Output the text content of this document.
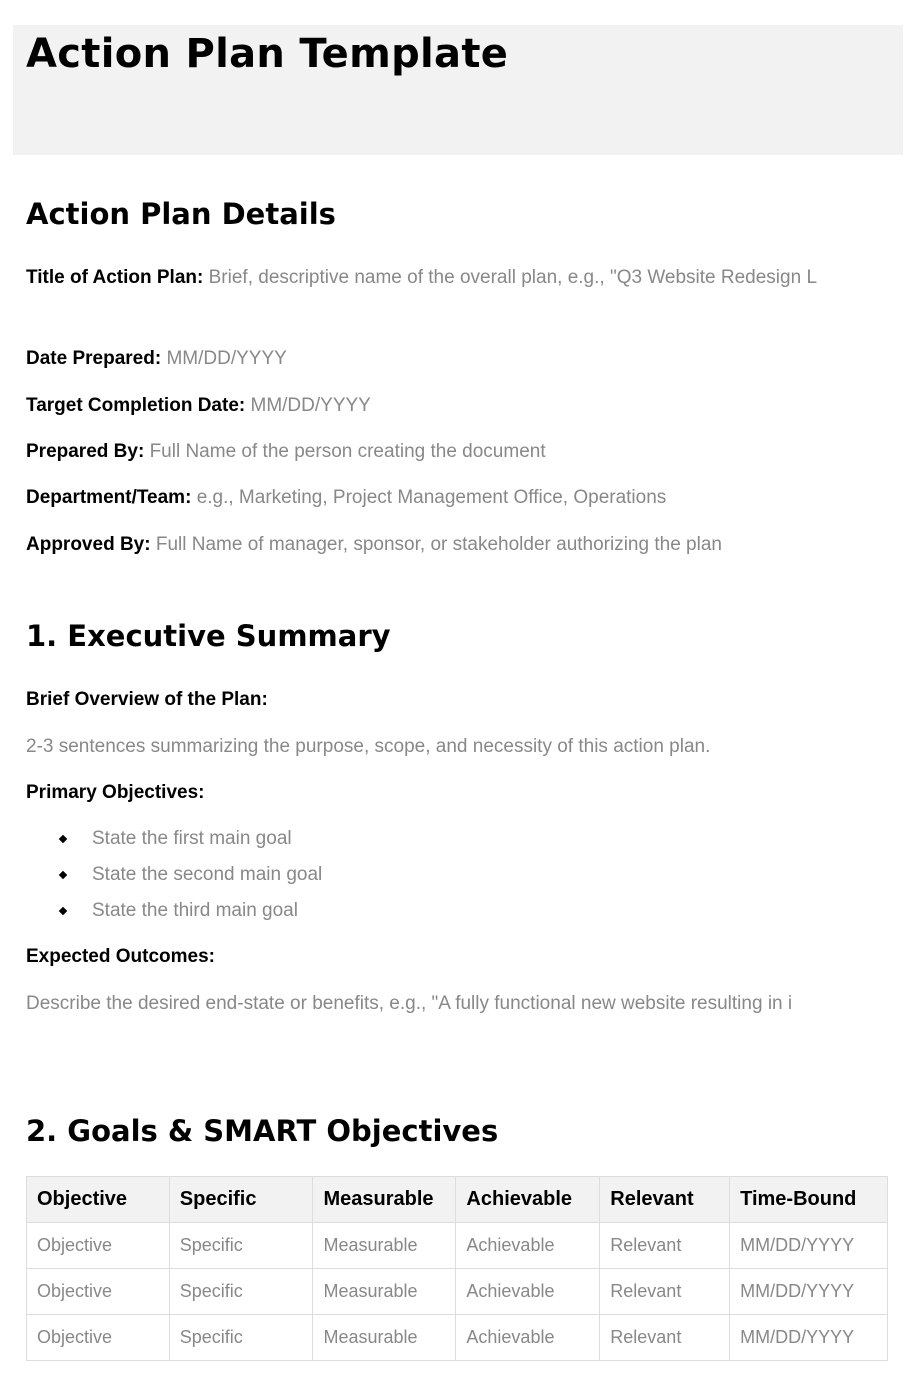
Action Plan Template
Action Plan Details

Title of Action Plan: Brief, descriptive name of the overall plan, e.g., "Q3 Website Redesign L

Date Prepared: MM/DD/YYYY

Target Completion Date: MM/DD/YYYY

Prepared By: Full Name of the person creating the document

Department/Team: e.g., Marketing, Project Management Office, Operations

Approved By: Full Name of manager, sponsor, or stakeholder authorizing the plan

1. Executive Summary

Brief Overview of the Plan:

2-3 sentences summarizing the purpose, scope, and necessity of this action plan.

Primary Objectives:

State the first main goal
State the second main goal
State the third main goal

Expected Outcomes:

Describe the desired end-state or benefits, e.g., "A fully functional new website resulting in i

2. Goals & SMART Objectives
Objective	Specific	Measurable	Achievable	Relevant	Time-Bound
Objective	Specific	Measurable	Achievable	Relevant	MM/DD/YYYY
Objective	Specific	Measurable	Achievable	Relevant	MM/DD/YYYY
Objective	Specific	Measurable	Achievable	Relevant	MM/DD/YYYY
